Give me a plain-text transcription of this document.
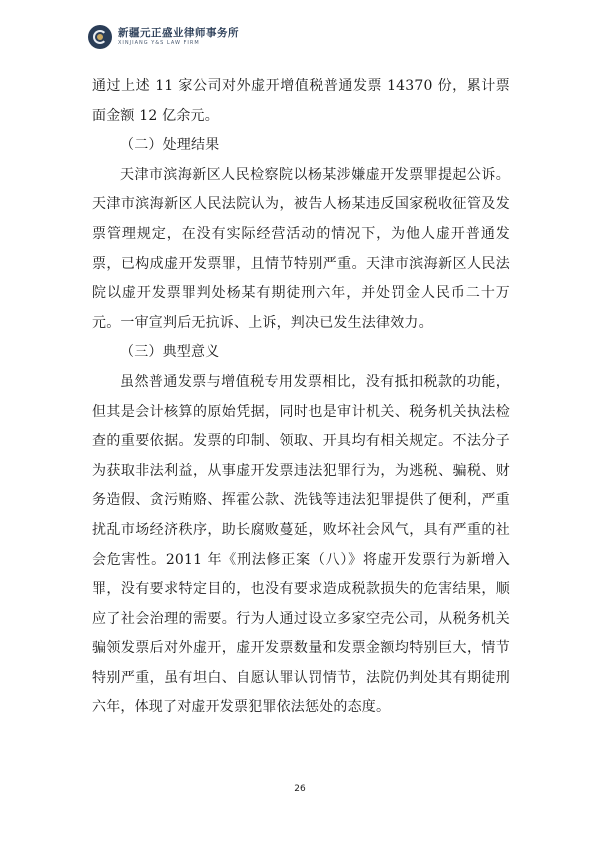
新疆元正盛业律师事务所
XINJIANG Y&S LAW FIRM

通过上述 11 家公司对外虚开增值税普通发票 14370 份，累计票面金额 12 亿余元。

（二）处理结果

天津市滨海新区人民检察院以杨某涉嫌虚开发票罪提起公诉。天津市滨海新区人民法院认为，被告人杨某违反国家税收征管及发票管理规定，在没有实际经营活动的情况下，为他人虚开普通发票，已构成虚开发票罪，且情节特别严重。天津市滨海新区人民法院以虚开发票罪判处杨某有期徒刑六年，并处罚金人民币二十万元。一审宣判后无抗诉、上诉，判决已发生法律效力。

（三）典型意义

虽然普通发票与增值税专用发票相比，没有抵扣税款的功能，但其是会计核算的原始凭据，同时也是审计机关、税务机关执法检查的重要依据。发票的印制、领取、开具均有相关规定。不法分子为获取非法利益，从事虚开发票违法犯罪行为，为逃税、骗税、财务造假、贪污贿赂、挥霍公款、洗钱等违法犯罪提供了便利，严重扰乱市场经济秩序，助长腐败蔓延，败坏社会风气，具有严重的社会危害性。2011 年《刑法修正案（八）》将虚开发票行为新增入罪，没有要求特定目的，也没有要求造成税款损失的危害结果，顺应了社会治理的需要。行为人通过设立多家空壳公司，从税务机关骗领发票后对外虚开，虚开发票数量和发票金额均特别巨大，情节特别严重，虽有坦白、自愿认罪认罚情节，法院仍判处其有期徒刑六年，体现了对虚开发票犯罪依法惩处的态度。

26
